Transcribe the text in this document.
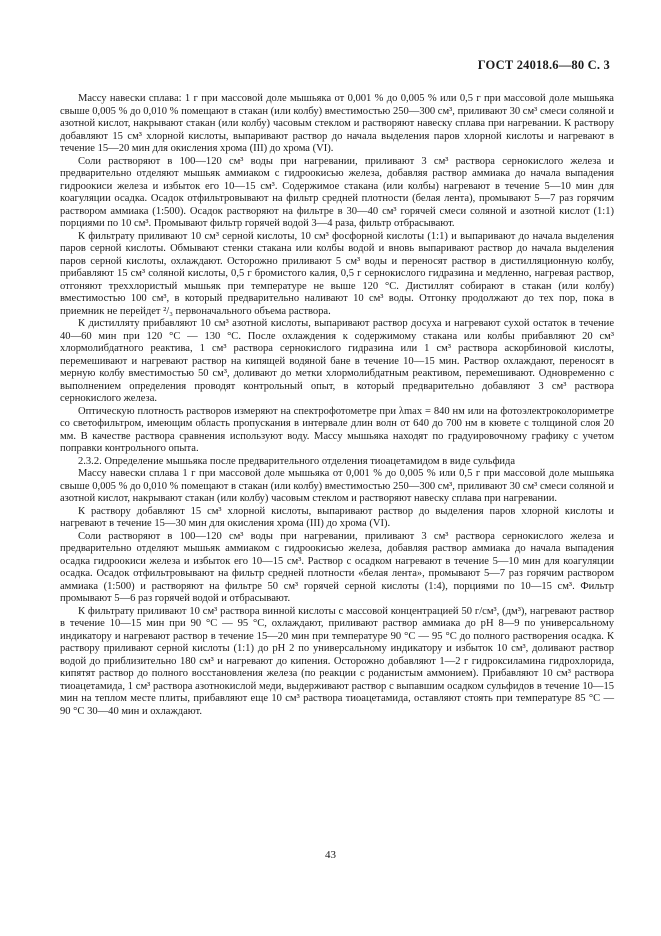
ГОСТ 24018.6—80 С. 3

Массу навески сплава: 1 г при массовой доле мышьяка от 0,001 % до 0,005 % или 0,5 г при массовой доле мышьяка свыше 0,005 % до 0,010 % помещают в стакан (или колбу) вместимостью 250—300 см³, приливают 30 см³ смеси соляной и азотной кислот, накрывают стакан (или колбу) часовым стеклом и растворяют навеску сплава при нагревании. К раствору добавляют 15 см³ хлорной кислоты, выпаривают раствор до начала выделения паров хлорной кислоты и нагревают в течение 15—20 мин для окисления хрома (III) до хрома (VI).

Соли растворяют в 100—120 см³ воды при нагревании, приливают 3 см³ раствора сернокислого железа и предварительно отделяют мышьяк аммиаком с гидроокисью железа, добавляя раствор аммиака до начала выпадения гидроокиси железа и избыток его 10—15 см³. Содержимое стакана (или колбы) нагревают в течение 5—10 мин для коагуляции осадка. Осадок отфильтровывают на фильтр средней плотности (белая лента), промывают 5—7 раз горячим раствором аммиака (1:500). Осадок растворяют на фильтре в 30—40 см³ горячей смеси соляной и азотной кислот (1:1) порциями по 10 см³. Промывают фильтр горячей водой 3—4 раза, фильтр отбрасывают.

К фильтрату приливают 10 см³ серной кислоты, 10 см³ фосфорной кислоты (1:1) и выпаривают до начала выделения паров серной кислоты. Обмывают стенки стакана или колбы водой и вновь выпаривают раствор до начала выделения паров серной кислоты, охлаждают. Осторожно приливают 5 см³ воды и переносят раствор в дистилляционную колбу, прибавляют 15 см³ соляной кислоты, 0,5 г бромистого калия, 0,5 г сернокислого гидразина и медленно, нагревая раствор, отгоняют треххлористый мышьяк при температуре не выше 120 °С. Дистиллят собирают в стакан (или колбу) вместимостью 100 см³, в который предварительно наливают 10 см³ воды. Отгонку продолжают до тех пор, пока в приемник не перейдет ²/₃ первоначального объема раствора.

К дистилляту прибавляют 10 см³ азотной кислоты, выпаривают раствор досуха и нагревают сухой остаток в течение 40—60 мин при 120 °С — 130 °С. После охлаждения к содержимому стакана или колбы прибавляют 20 см³ хлормолибдатного реактива, 1 см³ раствора сернокислого гидразина или 1 см³ раствора аскорбиновой кислоты, перемешивают и нагревают раствор на кипящей водяной бане в течение 10—15 мин. Раствор охлаждают, переносят в мерную колбу вместимостью 50 см³, доливают до метки хлормолибдатным реактивом, перемешивают. Одновременно с выполнением определения проводят контрольный опыт, в который предварительно добавляют 3 см³ раствора сернокислого железа.

Оптическую плотность растворов измеряют на спектрофотометре при λmax = 840 нм или на фотоэлектроколориметре со светофильтром, имеющим область пропускания в интервале длин волн от 640 до 700 нм в кювете с толщиной слоя 20 мм. В качестве раствора сравнения используют воду. Массу мышьяка находят по градуировочному графику с учетом поправки контрольного опыта.

2.3.2. Определение мышьяка после предварительного отделения тиоацетамидом в виде сульфида

Массу навески сплава 1 г при массовой доле мышьяка от 0,001 % до 0,005 % или 0,5 г при массовой доле мышьяка свыше 0,005 % до 0,010 % помещают в стакан (или колбу) вместимостью 250—300 см³, приливают 30 см³ смеси соляной и азотной кислот, накрывают стакан (или колбу) часовым стеклом и растворяют навеску сплава при нагревании.

К раствору добавляют 15 см³ хлорной кислоты, выпаривают раствор до выделения паров хлорной кислоты и нагревают в течение 15—30 мин для окисления хрома (III) до хрома (VI).

Соли растворяют в 100—120 см³ воды при нагревании, приливают 3 см³ раствора сернокислого железа и предварительно отделяют мышьяк аммиаком с гидроокисью железа, добавляя раствор аммиака до начала выпадения осадка гидроокиси железа и избыток его 10—15 см³. Раствор с осадком нагревают в течение 5—10 мин для коагуляции осадка. Осадок отфильтровывают на фильтр средней плотности «белая лента», промывают 5—7 раз горячим раствором аммиака (1:500) и растворяют на фильтре 50 см³ горячей серной кислоты (1:4), порциями по 10—15 см³. Фильтр промывают 5—6 раз горячей водой и отбрасывают.

К фильтрату приливают 10 см³ раствора винной кислоты с массовой концентрацией 50 г/см³, (дм³), нагревают раствор в течение 10—15 мин при 90 °С — 95 °С, охлаждают, приливают раствор аммиака до рН 8—9 по универсальному индикатору и нагревают раствор в течение 15—20 мин при температуре 90 °С — 95 °С до полного растворения осадка. К раствору приливают серной кислоты (1:1) до рН 2 по универсальному индикатору и избыток 10 см³, доливают раствор водой до приблизительно 180 см³ и нагревают до кипения. Осторожно добавляют 1—2 г гидроксиламина гидрохлорида, кипятят раствор до полного восстановления железа (по реакции с роданистым аммонием). Прибавляют 10 см³ раствора тиоацетамида, 1 см³ раствора азотнокислой меди, выдерживают раствор с выпавшим осадком сульфидов в течение 10—15 мин на теплом месте плиты, прибавляют еще 10 см³ раствора тиоацетамида, оставляют стоять при температуре 85 °С — 90 °С 30—40 мин и охлаждают.

43
